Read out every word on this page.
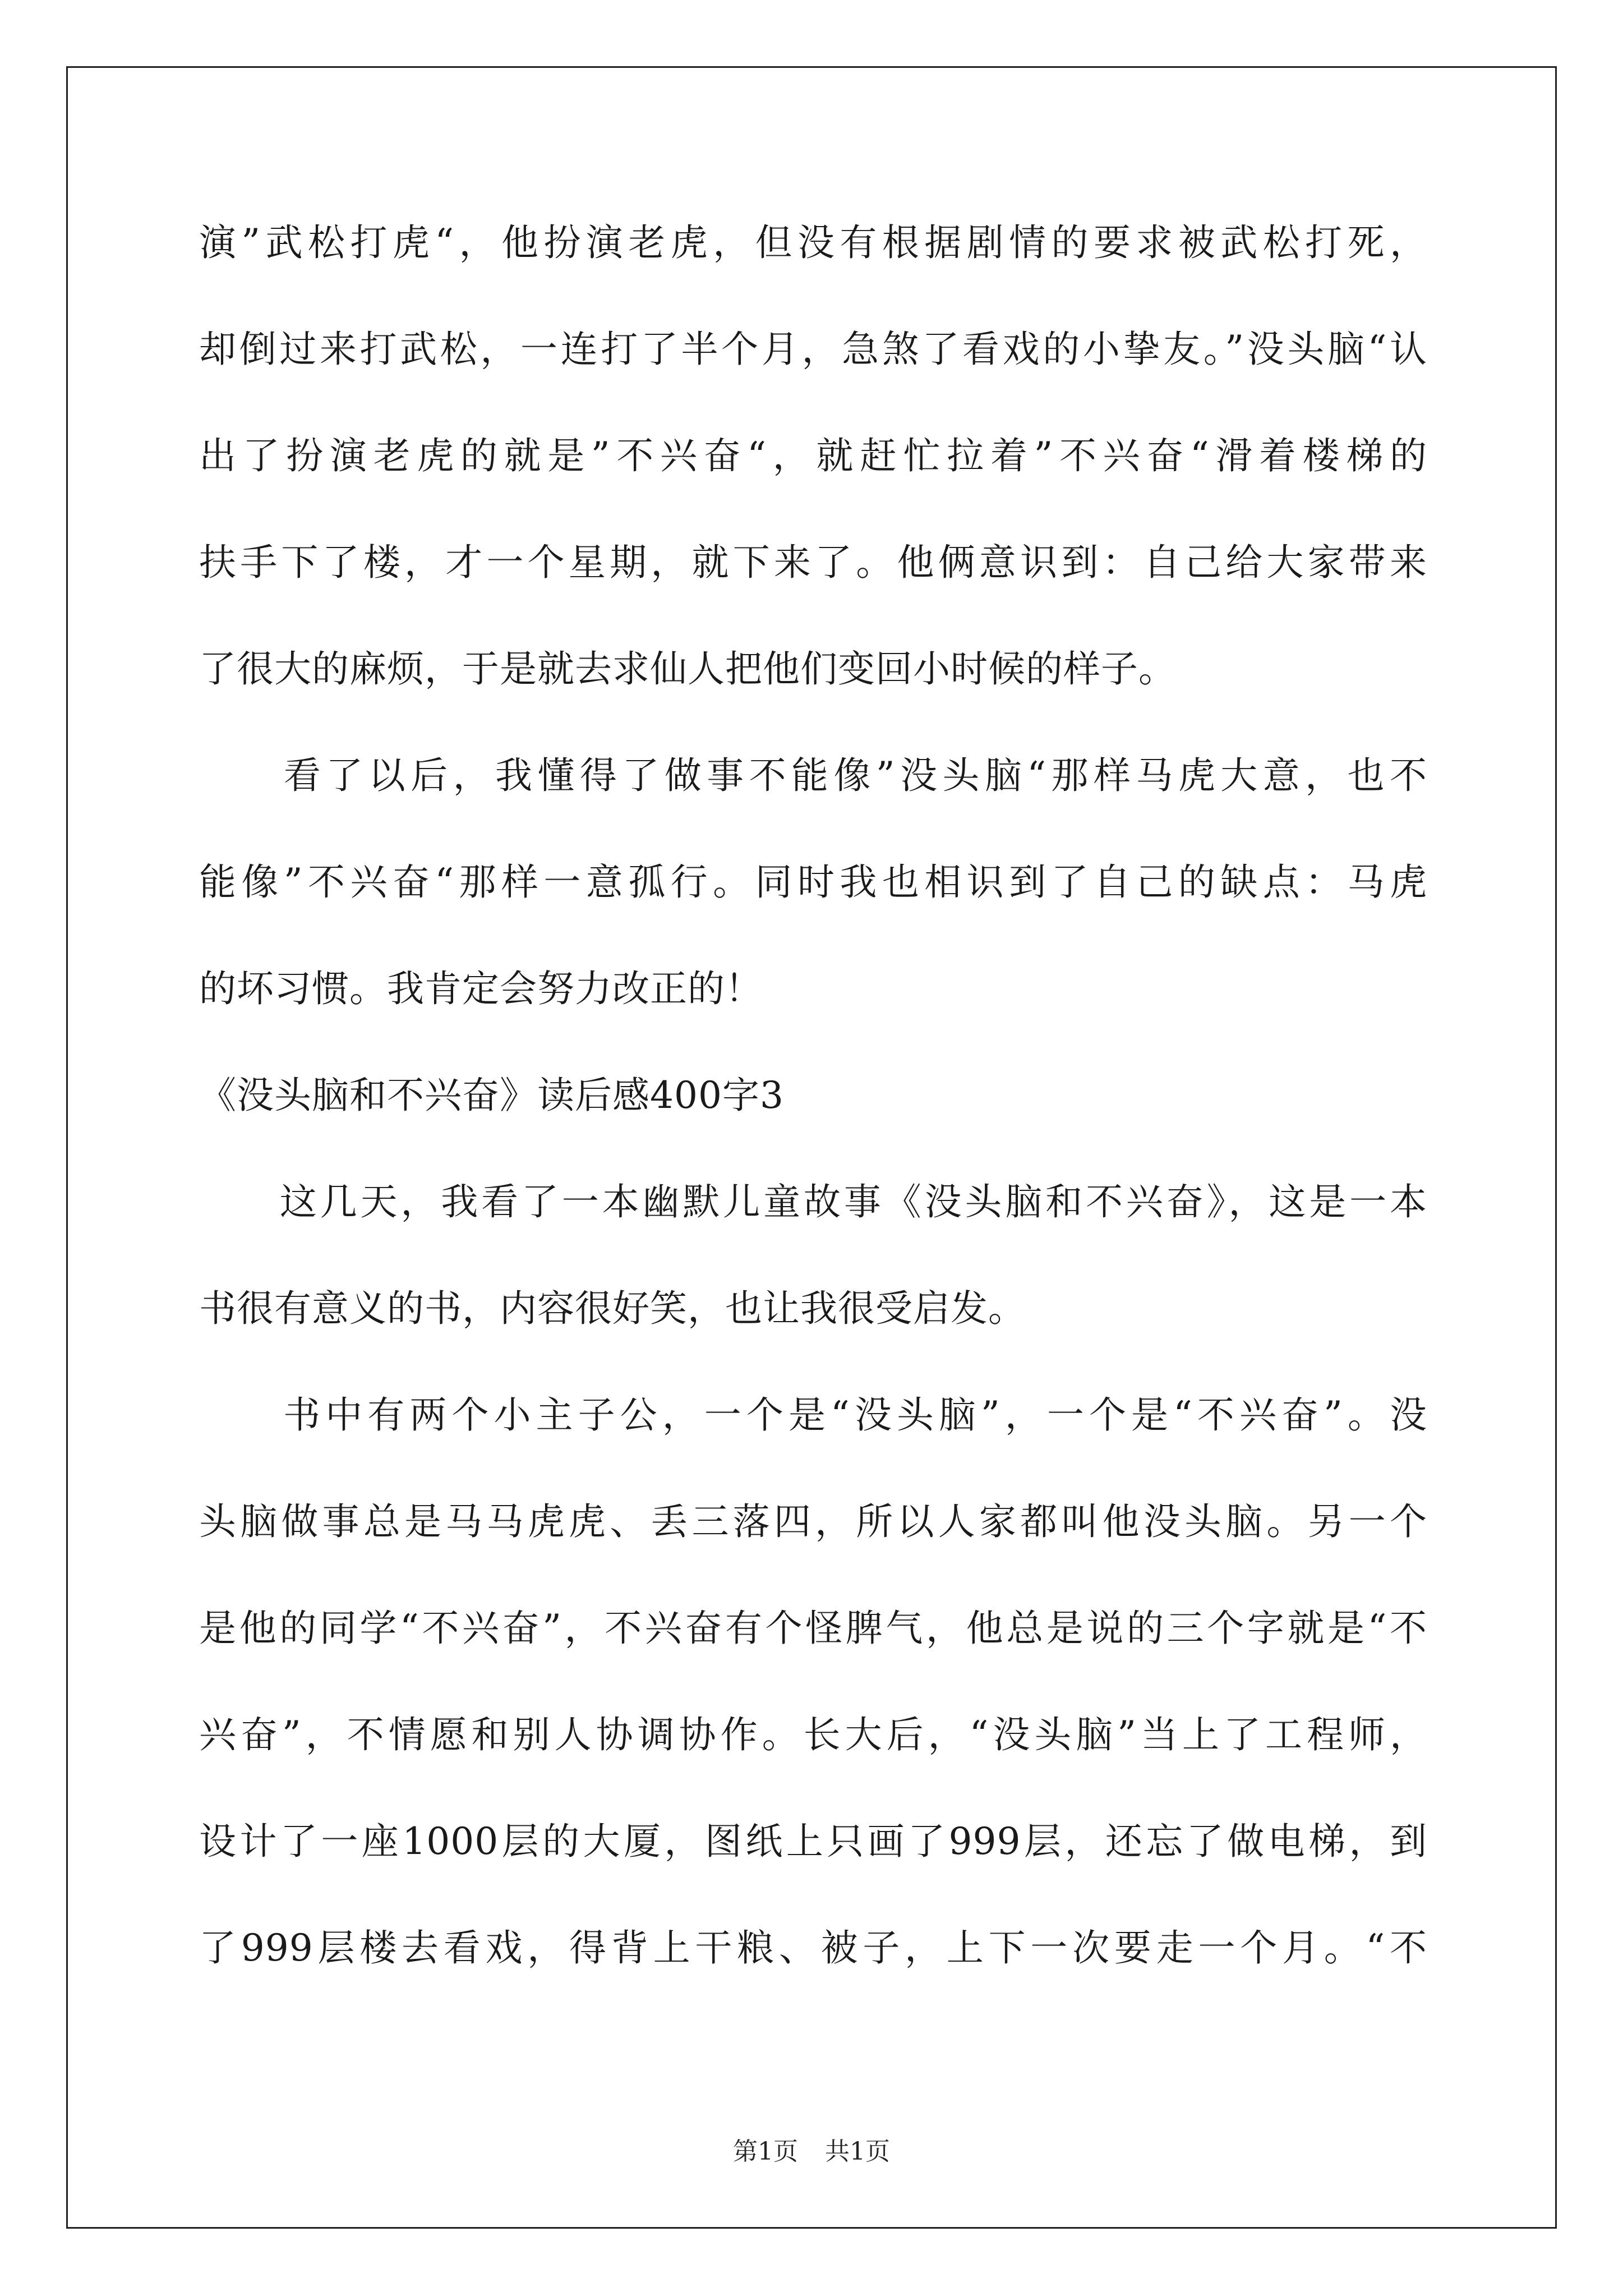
演”武松打虎“，他扮演老虎，但没有根据剧情的要求被武松打死，
却倒过来打武松，一连打了半个月，急煞了看戏的小挚友。”没头脑“认
出了扮演老虎的就是”不兴奋“，就赶忙拉着”不兴奋“滑着楼梯的
扶手下了楼，才一个星期，就下来了。他俩意识到：自己给大家带来
了很大的麻烦，于是就去求仙人把他们变回小时候的样子。
　　看了以后，我懂得了做事不能像”没头脑“那样马虎大意，也不
能像”不兴奋“那样一意孤行。同时我也相识到了自己的缺点：马虎
的坏习惯。我肯定会努力改正的！
《没头脑和不兴奋》读后感400字3
　　这几天，我看了一本幽默儿童故事《没头脑和不兴奋》，这是一本
书很有意义的书，内容很好笑，也让我很受启发。
　　书中有两个小主子公，一个是“没头脑”，一个是“不兴奋”。没
头脑做事总是马马虎虎、丢三落四，所以人家都叫他没头脑。另一个
是他的同学“不兴奋”，不兴奋有个怪脾气，他总是说的三个字就是“不
兴奋”，不情愿和别人协调协作。长大后，“没头脑”当上了工程师，
设计了一座1000层的大厦，图纸上只画了999层，还忘了做电梯，到
了999层楼去看戏，得背上干粮、被子，上下一次要走一个月。“不
第1页 共1页
